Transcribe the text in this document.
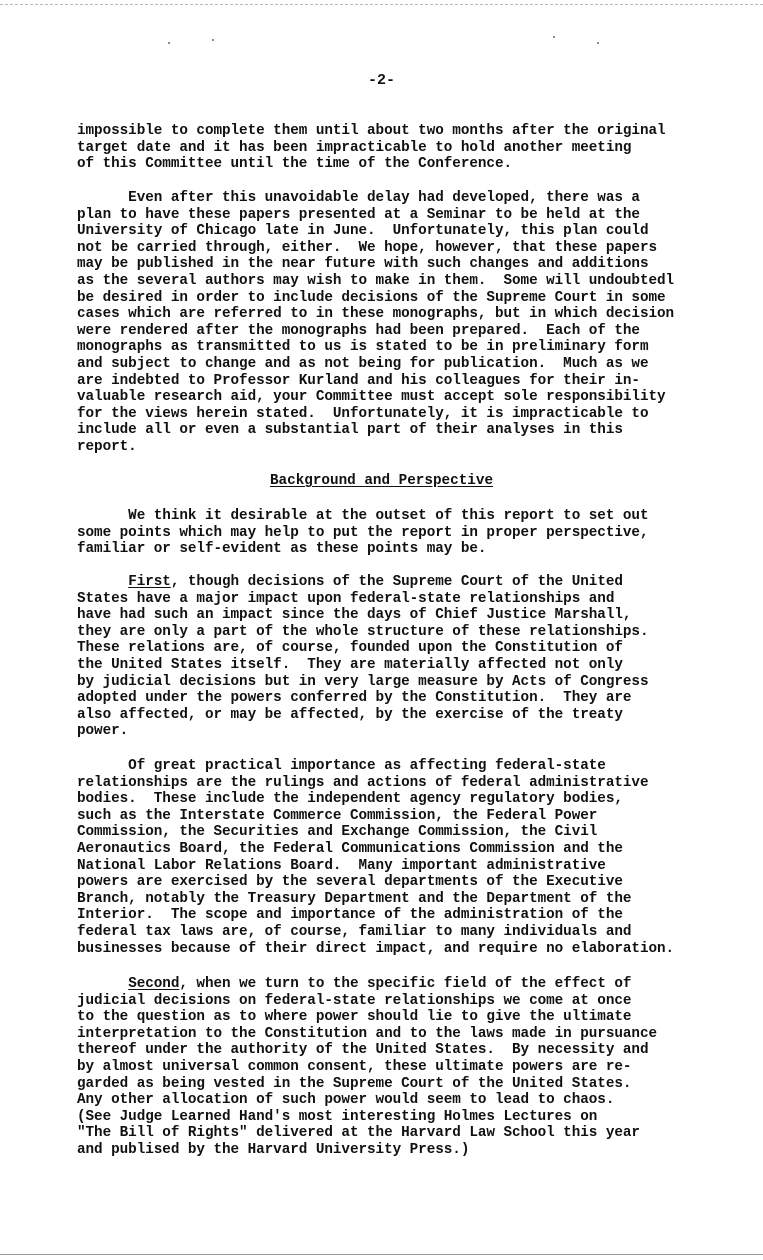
-2-

impossible to complete them until about two months after the original
target date and it has been impracticable to hold another meeting
of this Committee until the time of the Conference.

Even after this unavoidable delay had developed, there was a
plan to have these papers presented at a Seminar to be held at the
University of Chicago late in June.  Unfortunately, this plan could
not be carried through, either.  We hope, however, that these papers
may be published in the near future with such changes and additions
as the several authors may wish to make in them.  Some will undoubtedl
be desired in order to include decisions of the Supreme Court in some
cases which are referred to in these monographs, but in which decision
were rendered after the monographs had been prepared.  Each of the
monographs as transmitted to us is stated to be in preliminary form
and subject to change and as not being for publication.  Much as we
are indebted to Professor Kurland and his colleagues for their in-
valuable research aid, your Committee must accept sole responsibility
for the views herein stated.  Unfortunately, it is impracticable to
include all or even a substantial part of their analyses in this
report.

Background and Perspective

We think it desirable at the outset of this report to set out
some points which may help to put the report in proper perspective,
familiar or self-evident as these points may be.

First, though decisions of the Supreme Court of the United

States have a major impact upon federal-state relationships and
have had such an impact since the days of Chief Justice Marshall,
they are only a part of the whole structure of these relationships.
These relations are, of course, founded upon the Constitution of
the United States itself.  They are materially affected not only
by judicial decisions but in very large measure by Acts of Congress
adopted under the powers conferred by the Constitution.  They are
also affected, or may be affected, by the exercise of the treaty
power.

Of great practical importance as affecting federal-state
relationships are the rulings and actions of federal administrative
bodies.  These include the independent agency regulatory bodies,
such as the Interstate Commerce Commission, the Federal Power
Commission, the Securities and Exchange Commission, the Civil
Aeronautics Board, the Federal Communications Commission and the
National Labor Relations Board.  Many important administrative
powers are exercised by the several departments of the Executive
Branch, notably the Treasury Department and the Department of the
Interior.  The scope and importance of the administration of the
federal tax laws are, of course, familiar to many individuals and
businesses because of their direct impact, and require no elaboration.

Second, when we turn to the specific field of the effect of

judicial decisions on federal-state relationships we come at once
to the question as to where power should lie to give the ultimate
interpretation to the Constitution and to the laws made in pursuance
thereof under the authority of the United States.  By necessity and
by almost universal common consent, these ultimate powers are re-
garded as being vested in the Supreme Court of the United States.
Any other allocation of such power would seem to lead to chaos.
(See Judge Learned Hand's most interesting Holmes Lectures on
"The Bill of Rights" delivered at the Harvard Law School this year
and publised by the Harvard University Press.)
